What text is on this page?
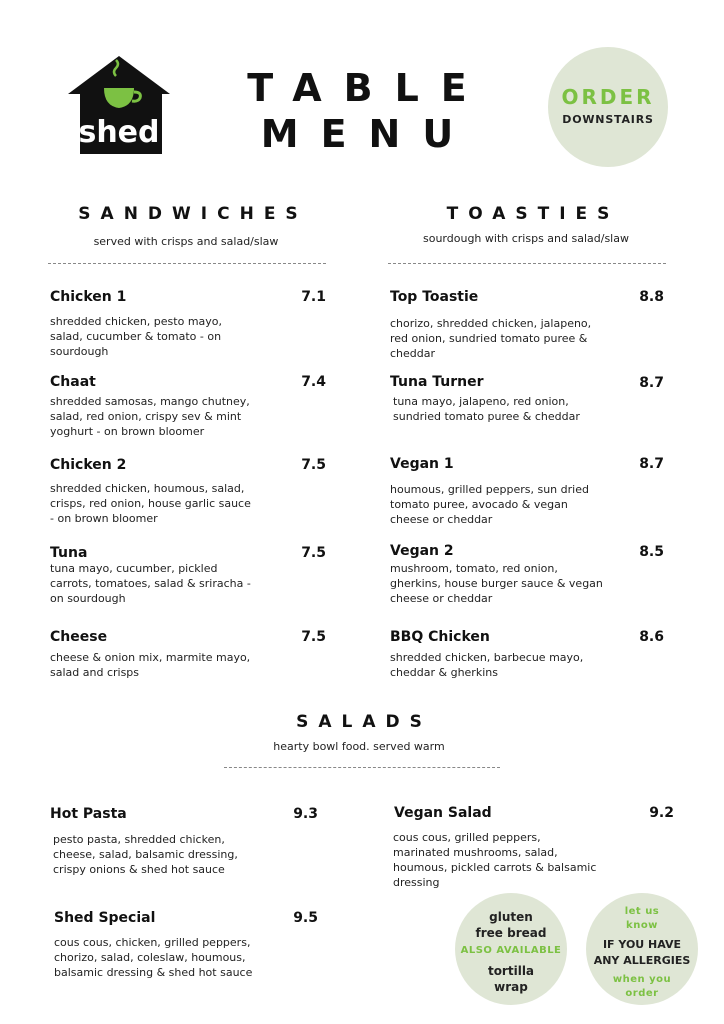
shed
TABLE
MENU
ORDER
DOWNSTAIRS
SANDWICHES
served with crisps and salad/slaw
TOASTIES
sourdough with crisps and salad/slaw
Chicken 1	7.1
shredded chicken, pesto mayo,
salad, cucumber & tomato - on
sourdough
Chaat	7.4
shredded samosas, mango chutney,
salad, red onion, crispy sev & mint
yoghurt - on brown bloomer
Chicken 2	7.5
shredded chicken, houmous, salad,
crisps, red onion, house garlic sauce
- on brown bloomer
Tuna	7.5
tuna mayo, cucumber, pickled
carrots, tomatoes, salad & sriracha -
on sourdough
Cheese	7.5
cheese & onion mix, marmite mayo,
salad and crisps
Top Toastie	8.8
chorizo, shredded chicken, jalapeno,
red onion, sundried tomato puree &
cheddar
Tuna Turner	8.7
tuna mayo, jalapeno, red onion,
sundried tomato puree & cheddar
Vegan 1	8.7
houmous, grilled peppers, sun dried
tomato puree, avocado & vegan
cheese or cheddar
Vegan 2	8.5
mushroom, tomato, red onion,
gherkins, house burger sauce & vegan
cheese or cheddar
BBQ Chicken	8.6
shredded chicken, barbecue mayo,
cheddar & gherkins
SALADS
hearty bowl food. served warm
Hot Pasta	9.3
pesto pasta, shredded chicken,
cheese, salad, balsamic dressing,
crispy onions & shed hot sauce
Vegan Salad	9.2
cous cous, grilled peppers,
marinated mushrooms, salad,
houmous, pickled carrots & balsamic
dressing
Shed Special	9.5
cous cous, chicken, grilled peppers,
chorizo, salad, coleslaw, houmous,
balsamic dressing & shed hot sauce
gluten
free bread
ALSO AVAILABLE
tortilla
wrap
let us
know
IF YOU HAVE
ANY ALLERGIES
when you
order
